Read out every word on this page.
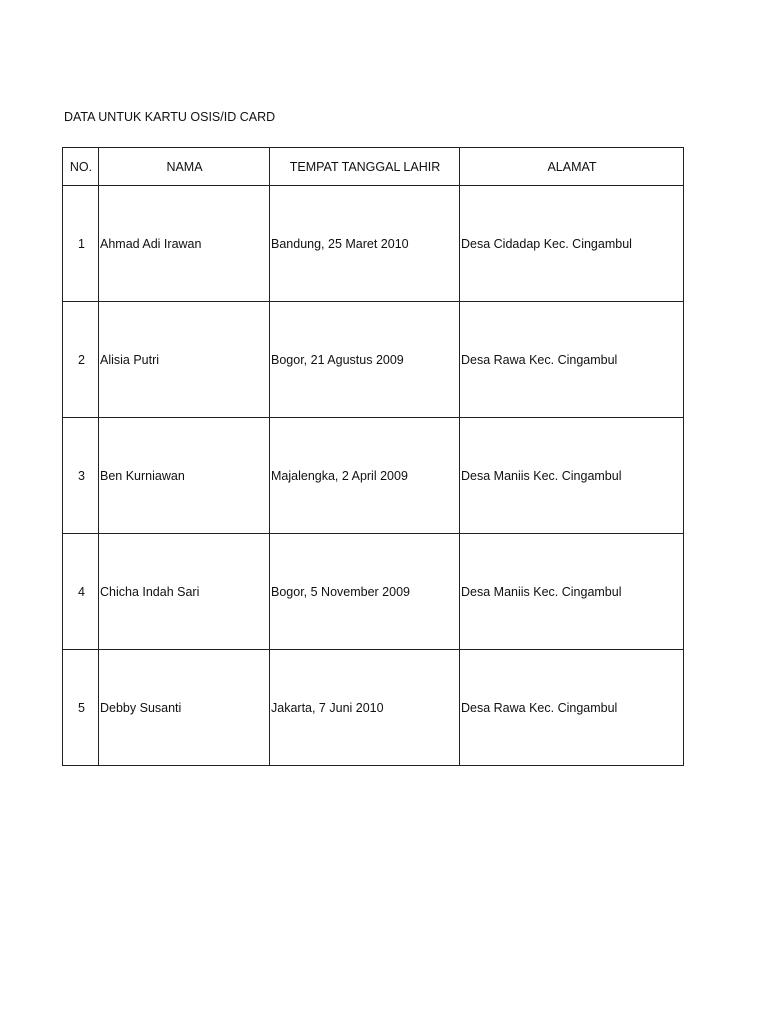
DATA UNTUK KARTU OSIS/ID CARD
NO.	NAMA	TEMPAT TANGGAL LAHIR	ALAMAT
1	Ahmad Adi Irawan	Bandung, 25 Maret 2010	Desa Cidadap Kec. Cingambul
2	Alisia Putri	Bogor, 21 Agustus 2009	Desa Rawa Kec. Cingambul
3	Ben Kurniawan	Majalengka, 2 April 2009	Desa Maniis Kec. Cingambul
4	Chicha Indah Sari	Bogor, 5 November 2009	Desa Maniis Kec. Cingambul
5	Debby Susanti	Jakarta, 7 Juni 2010	Desa Rawa Kec. Cingambul
